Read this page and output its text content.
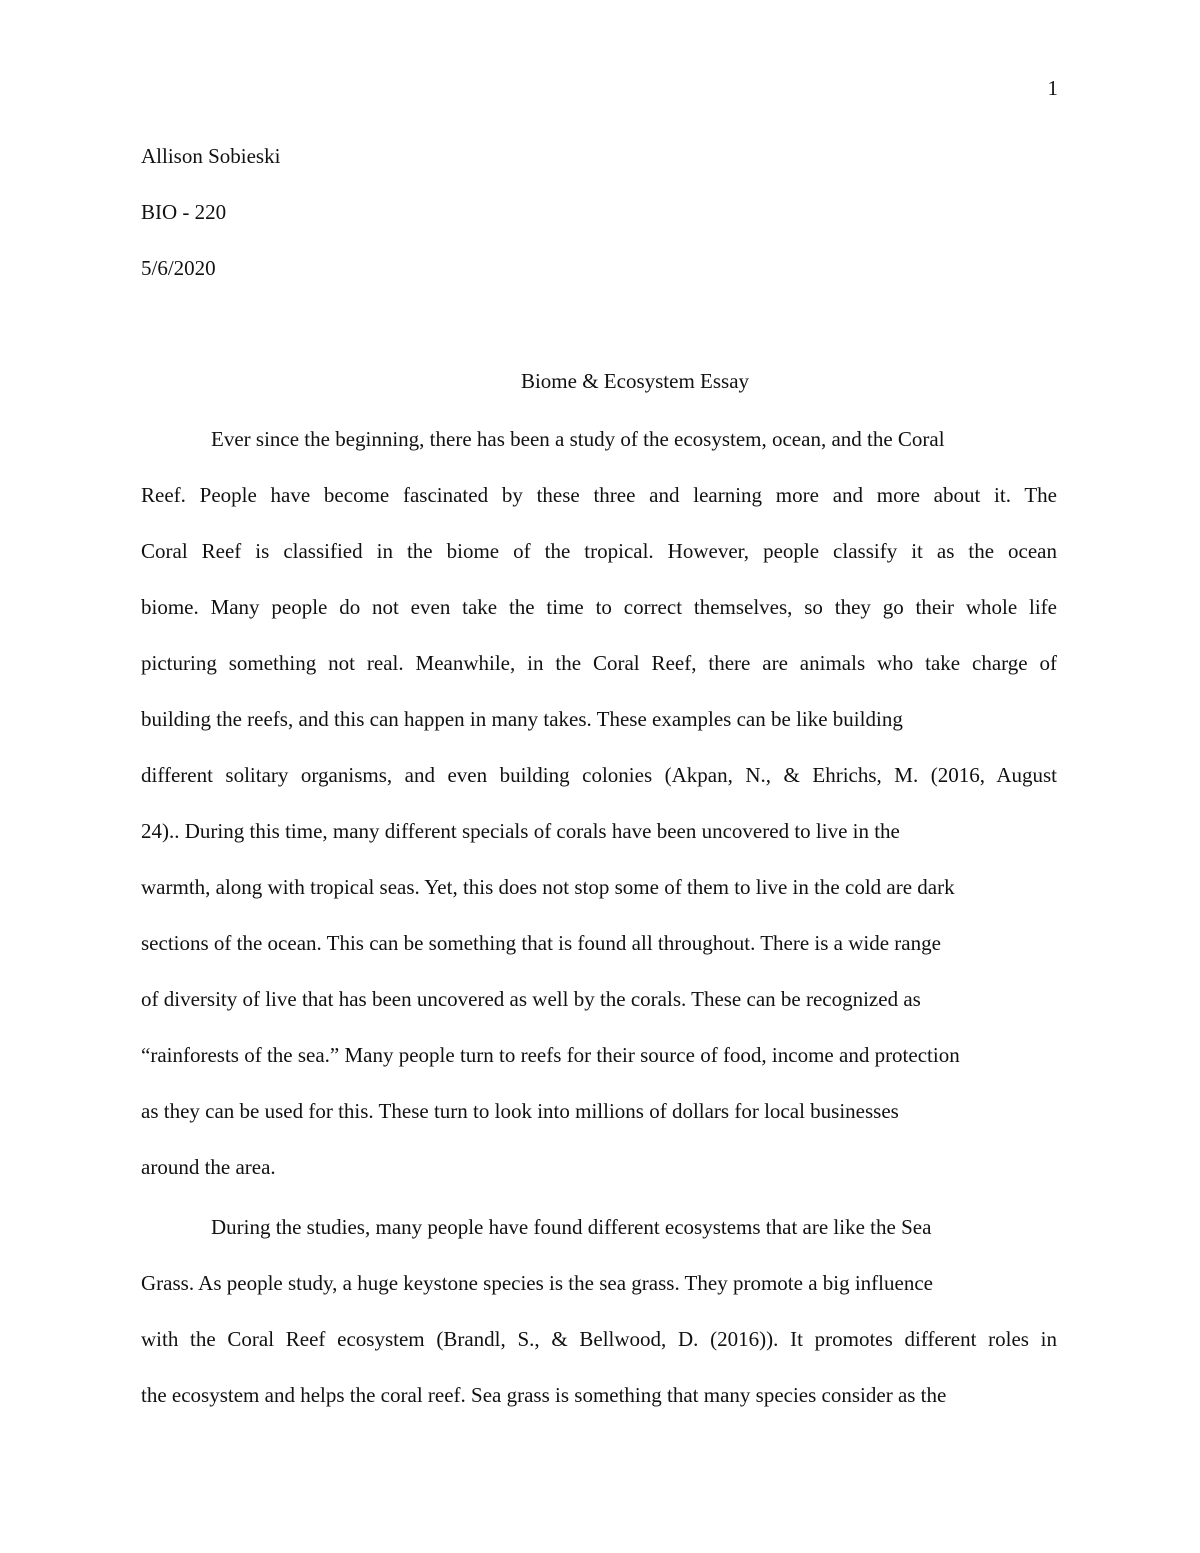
1
Allison Sobieski
BIO - 220
5/6/2020
Biome & Ecosystem Essay
Ever since the beginning, there has been a study of the ecosystem, ocean, and the Coral
Reef. People have become fascinated by these three and learning more and more about it. The
Coral Reef is classified in the biome of the tropical. However, people classify it as the ocean
biome. Many people do not even take the time to correct themselves, so they go their whole life
picturing something not real. Meanwhile, in the Coral Reef, there are animals who take charge of
building the reefs, and this can happen in many takes. These examples can be like building
different solitary organisms, and even building colonies (Akpan, N., & Ehrichs, M. (2016, August
24).. During this time, many different specials of corals have been uncovered to live in the
warmth, along with tropical seas. Yet, this does not stop some of them to live in the cold are dark
sections of the ocean. This can be something that is found all throughout. There is a wide range
of diversity of live that has been uncovered as well by the corals. These can be recognized as
“rainforests of the sea.” Many people turn to reefs for their source of food, income and protection
as they can be used for this. These turn to look into millions of dollars for local businesses
around the area.
During the studies, many people have found different ecosystems that are like the Sea
Grass. As people study, a huge keystone species is the sea grass. They promote a big influence
with the Coral Reef ecosystem (Brandl, S., & Bellwood, D. (2016)). It promotes different roles in
the ecosystem and helps the coral reef. Sea grass is something that many species consider as the
